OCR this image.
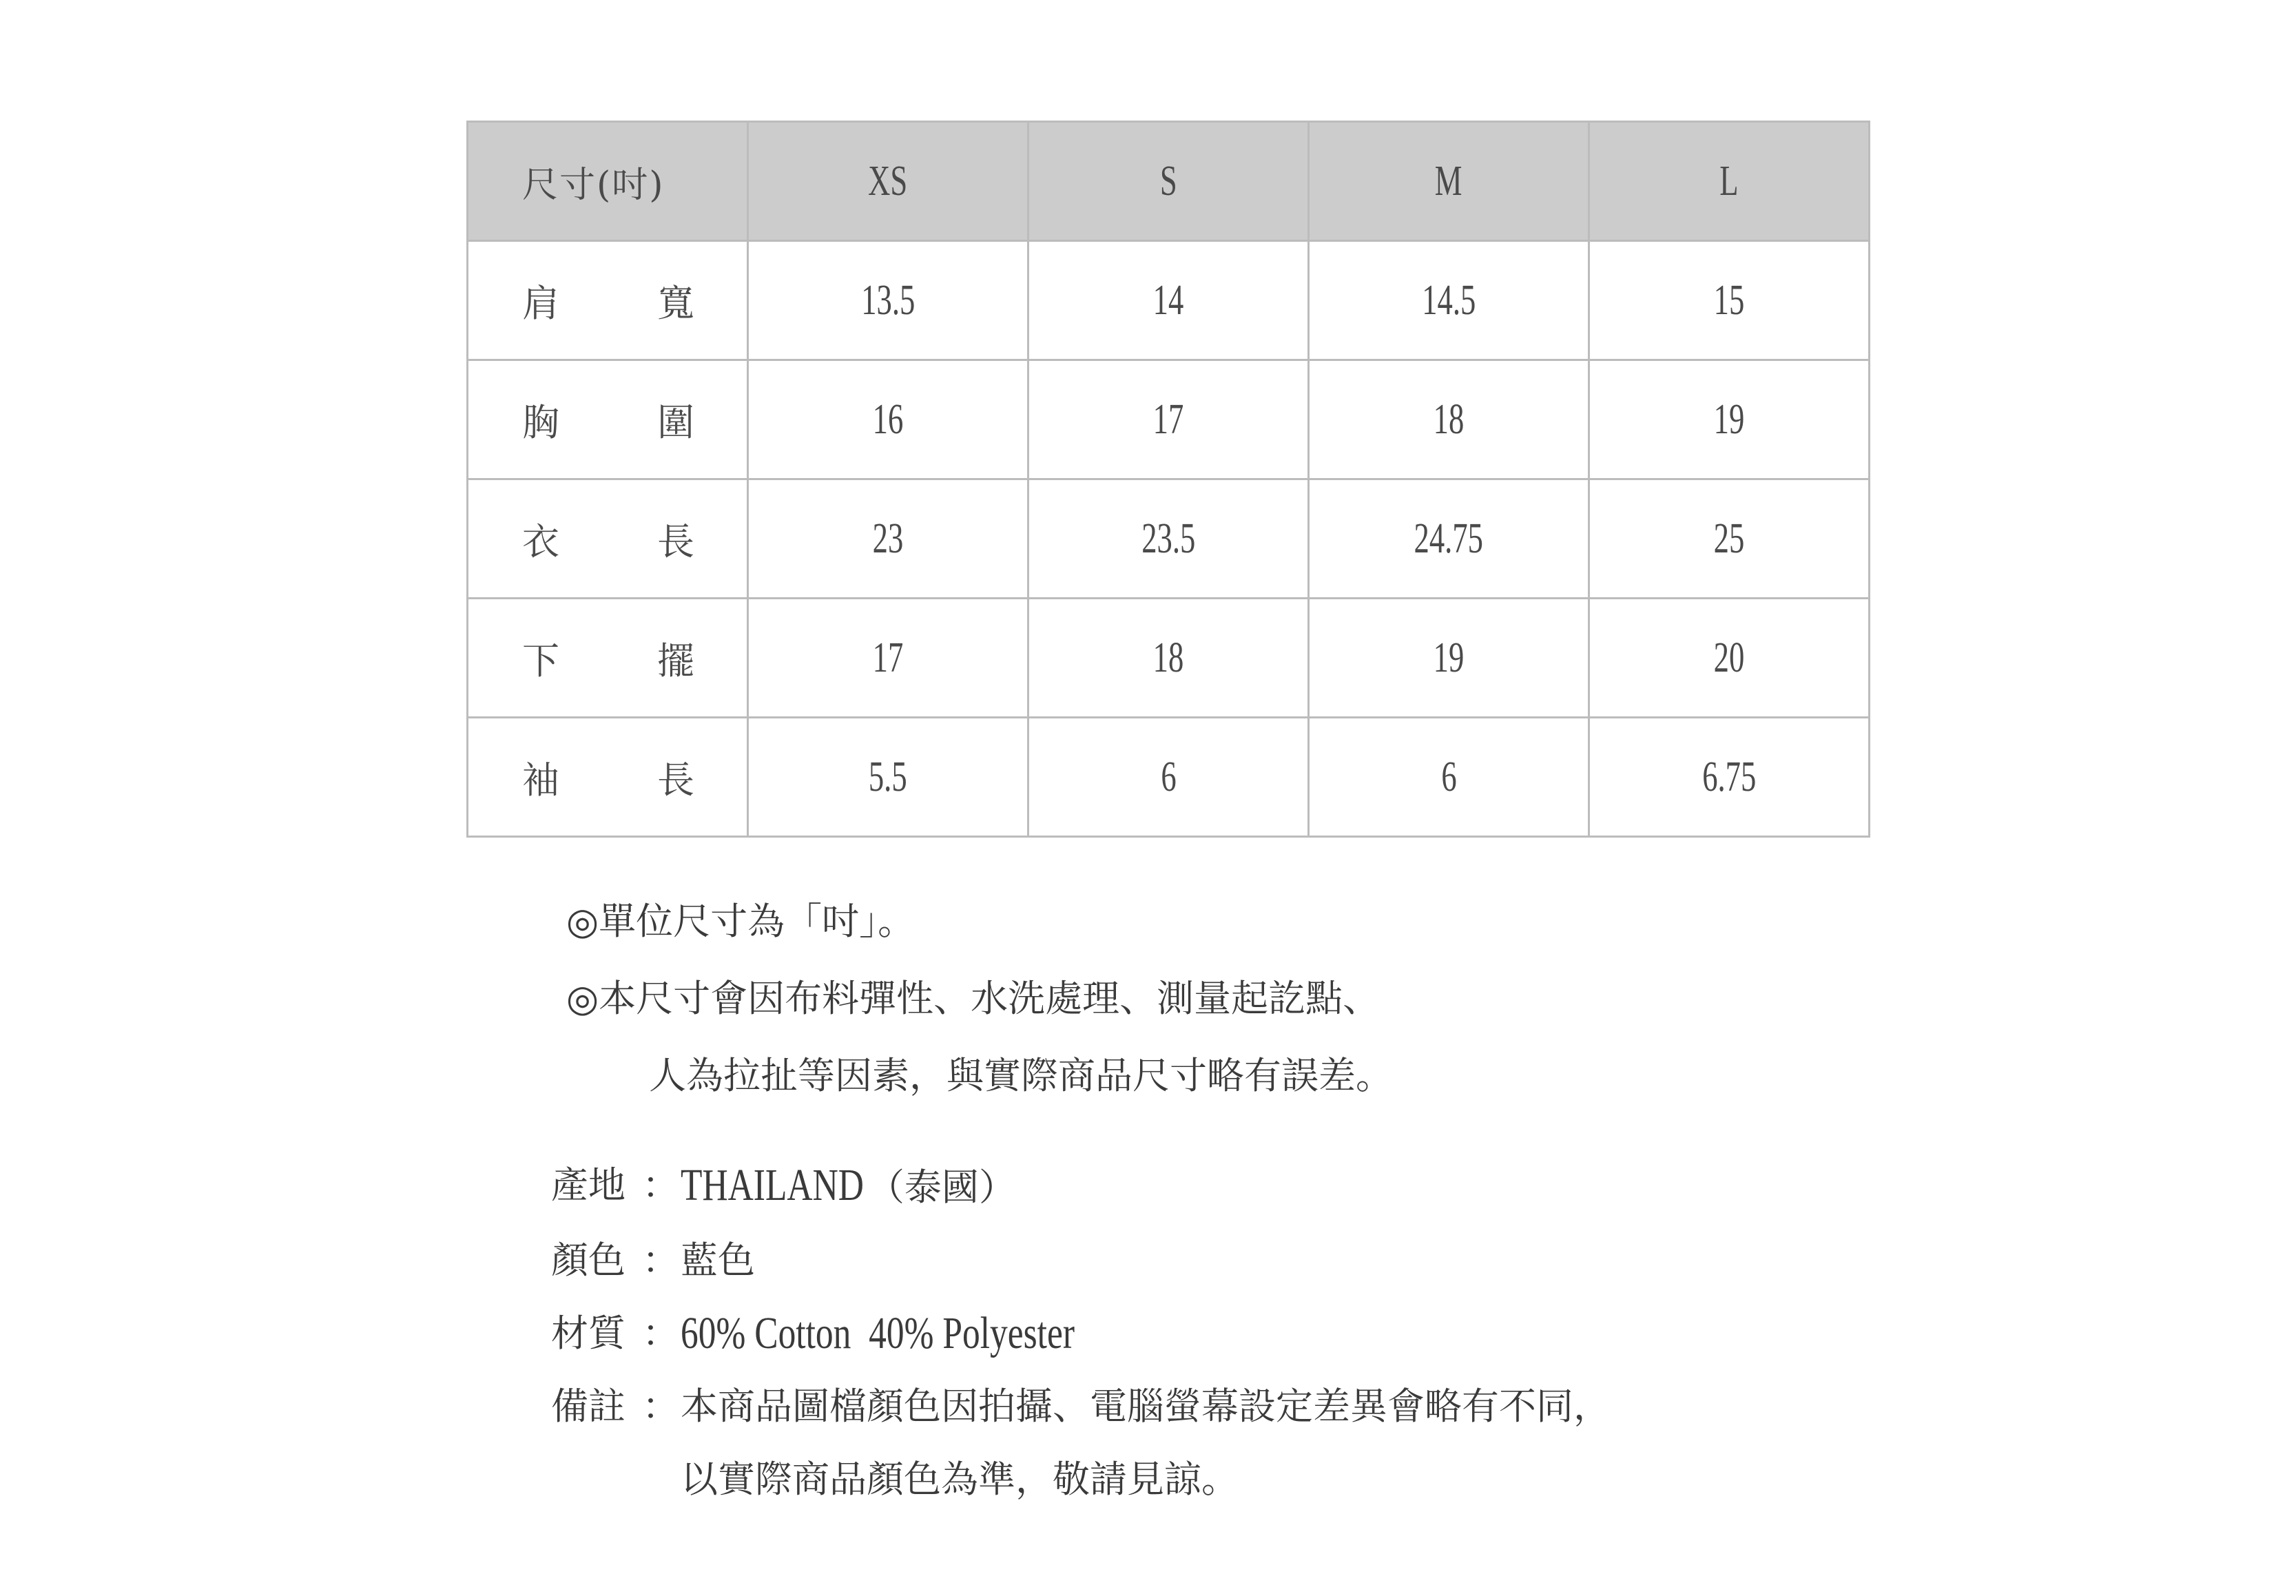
尺寸(吋)	XS	S	M	L

肩 寬	13.5	14	14.5	15

胸 圍	16	17	18	19

衣 長	23	23.5	24.75	25

下 擺	17	18	19	20

袖 長	5.5	6	6	6.75
◎單位尺寸為「吋」。
◎本尺寸會因布料彈性、水洗處理、測量起訖點、
人為拉扯等因素，與實際商品尺寸略有誤差。
產地 ： THAILAND（泰國）
顏色 ： 藍色
材質 ： 60% Cotton  40% Polyester
備註 ： 本商品圖檔顏色因拍攝、電腦螢幕設定差異會略有不同，
以實際商品顏色為準，敬請見諒。
